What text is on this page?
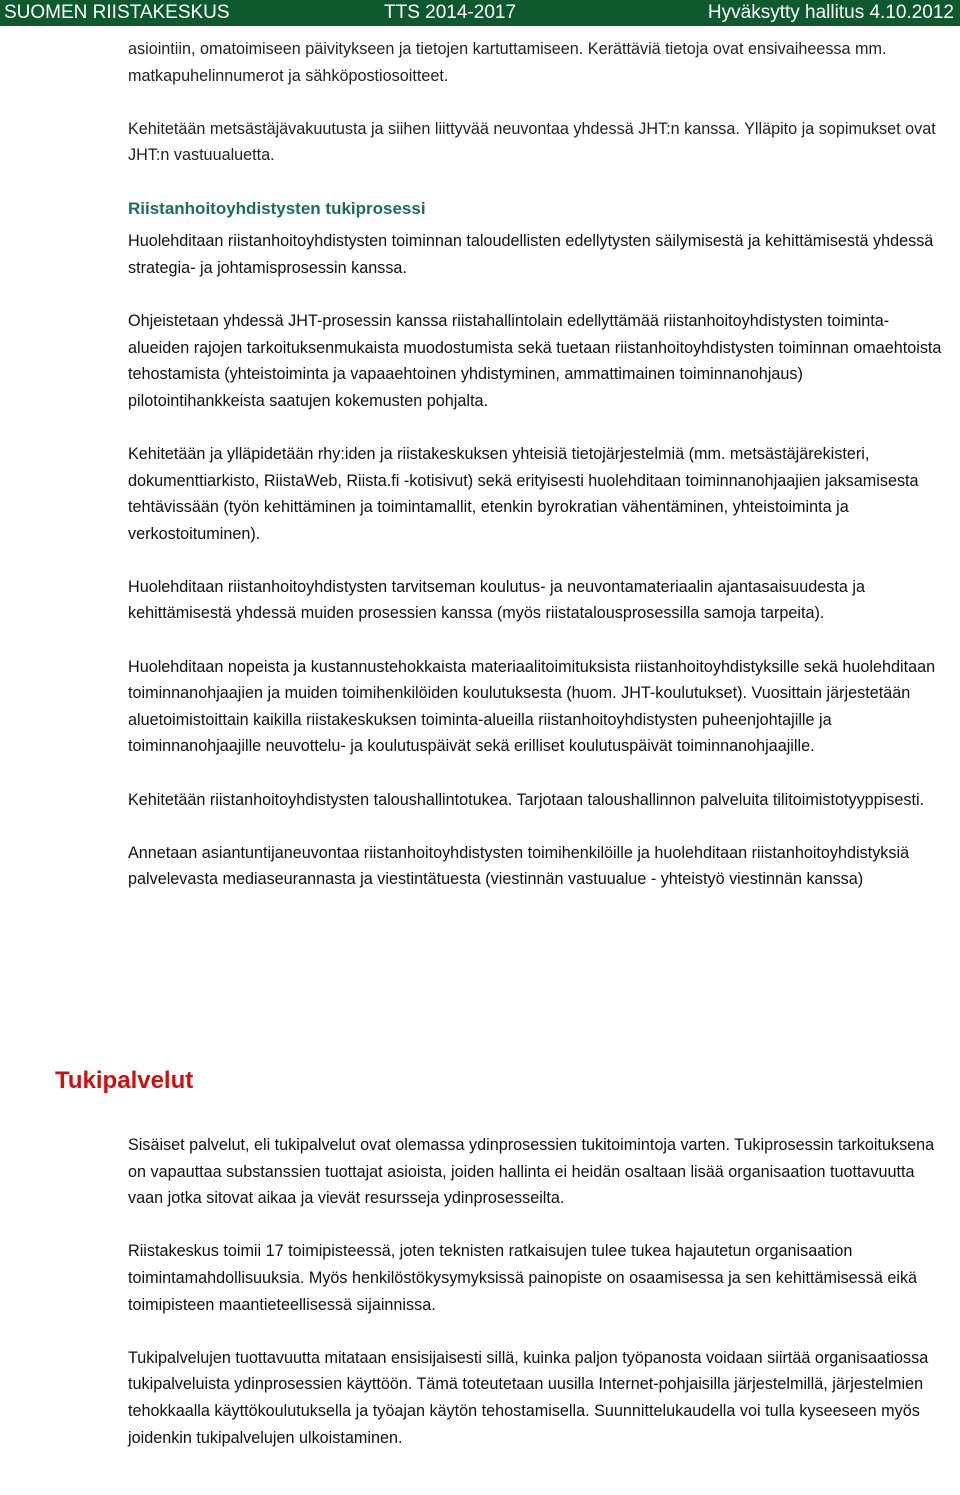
SUOMEN RIISTAKESKUS	TTS 2014-2017	Hyväksytty hallitus 4.10.2012

asiointiin, omatoimiseen päivitykseen ja tietojen kartuttamiseen. Kerättäviä tietoja ovat ensivaiheessa mm. matkapuhelinnumerot ja sähköpostiosoitteet.

Kehitetään metsästäjävakuutusta ja siihen liittyvää neuvontaa yhdessä JHT:n kanssa. Ylläpito ja sopimukset ovat JHT:n vastuualuetta.

Riistanhoitoyhdistysten tukiprosessi

Huolehditaan riistanhoitoyhdistysten toiminnan taloudellisten edellytysten säilymisestä ja kehittämisestä yhdessä strategia- ja johtamisprosessin kanssa.

Ohjeistetaan yhdessä JHT-prosessin kanssa riistahallintolain edellyttämää riistanhoitoyhdistysten toiminta-alueiden rajojen tarkoituksenmukaista muodostumista sekä tuetaan riistanhoitoyhdistysten toiminnan omaehtoista tehostamista (yhteistoiminta ja vapaaehtoinen yhdistyminen, ammattimainen toiminnanohjaus) pilotointihankkeista saatujen kokemusten pohjalta.

Kehitetään ja ylläpidetään rhy:iden ja riistakeskuksen yhteisiä tietojärjestelmiä (mm. metsästäjärekisteri, dokumenttiarkisto, RiistaWeb, Riista.fi -kotisivut) sekä erityisesti huolehditaan toiminnanohjaajien jaksamisesta tehtävissään (työn kehittäminen ja toimintamallit, etenkin byrokratian vähentäminen, yhteistoiminta ja verkostoituminen).

Huolehditaan riistanhoitoyhdistysten tarvitseman koulutus- ja neuvontamateriaalin ajantasaisuudesta ja kehittämisestä yhdessä muiden prosessien kanssa (myös riistatalousprosessilla samoja tarpeita).

Huolehditaan nopeista ja kustannustehokkaista materiaalitoimituksista riistanhoitoyhdistyksille sekä huolehditaan toiminnanohjaajien ja muiden toimihenkilöiden koulutuksesta (huom. JHT-koulutukset). Vuosittain järjestetään aluetoimistoittain kaikilla riistakeskuksen toiminta-alueilla riistanhoitoyhdistysten puheenjohtajille ja toiminnanohjaajille neuvottelu- ja koulutuspäivät sekä erilliset koulutuspäivät toiminnanohjaajille.

Kehitetään riistanhoitoyhdistysten taloushallintotukea. Tarjotaan taloushallinnon palveluita tilitoimistotyyppisesti.

Annetaan asiantuntijaneuvontaa riistanhoitoyhdistysten toimihenkilöille ja huolehditaan riistanhoitoyhdistyksiä palvelevasta mediaseurannasta ja viestintätuesta (viestinnän vastuualue - yhteistyö viestinnän kanssa)

Tukipalvelut

Sisäiset palvelut, eli tukipalvelut ovat olemassa ydinprosessien tukitoimintoja varten. Tukiprosessin tarkoituksena on vapauttaa substanssien tuottajat asioista, joiden hallinta ei heidän osaltaan lisää organisaation tuottavuutta vaan jotka sitovat aikaa ja vievät resursseja ydinprosesseilta.

Riistakeskus toimii 17 toimipisteessä, joten teknisten ratkaisujen tulee tukea hajautetun organisaation toimintamahdollisuuksia. Myös henkilöstökysymyksissä painopiste on osaamisessa ja sen kehittämisessä eikä toimipisteen maantieteellisessä sijainnissa.

Tukipalvelujen tuottavuutta mitataan ensisijaisesti sillä, kuinka paljon työpanosta voidaan siirtää organisaatiossa tukipalveluista ydinprosessien käyttöön. Tämä toteutetaan uusilla Internet-pohjaisilla järjestelmillä, järjestelmien tehokkaalla käyttökoulutuksella ja työajan käytön tehostamisella. Suunnittelukaudella voi tulla kyseeseen myös joidenkin tukipalvelujen ulkoistaminen.
